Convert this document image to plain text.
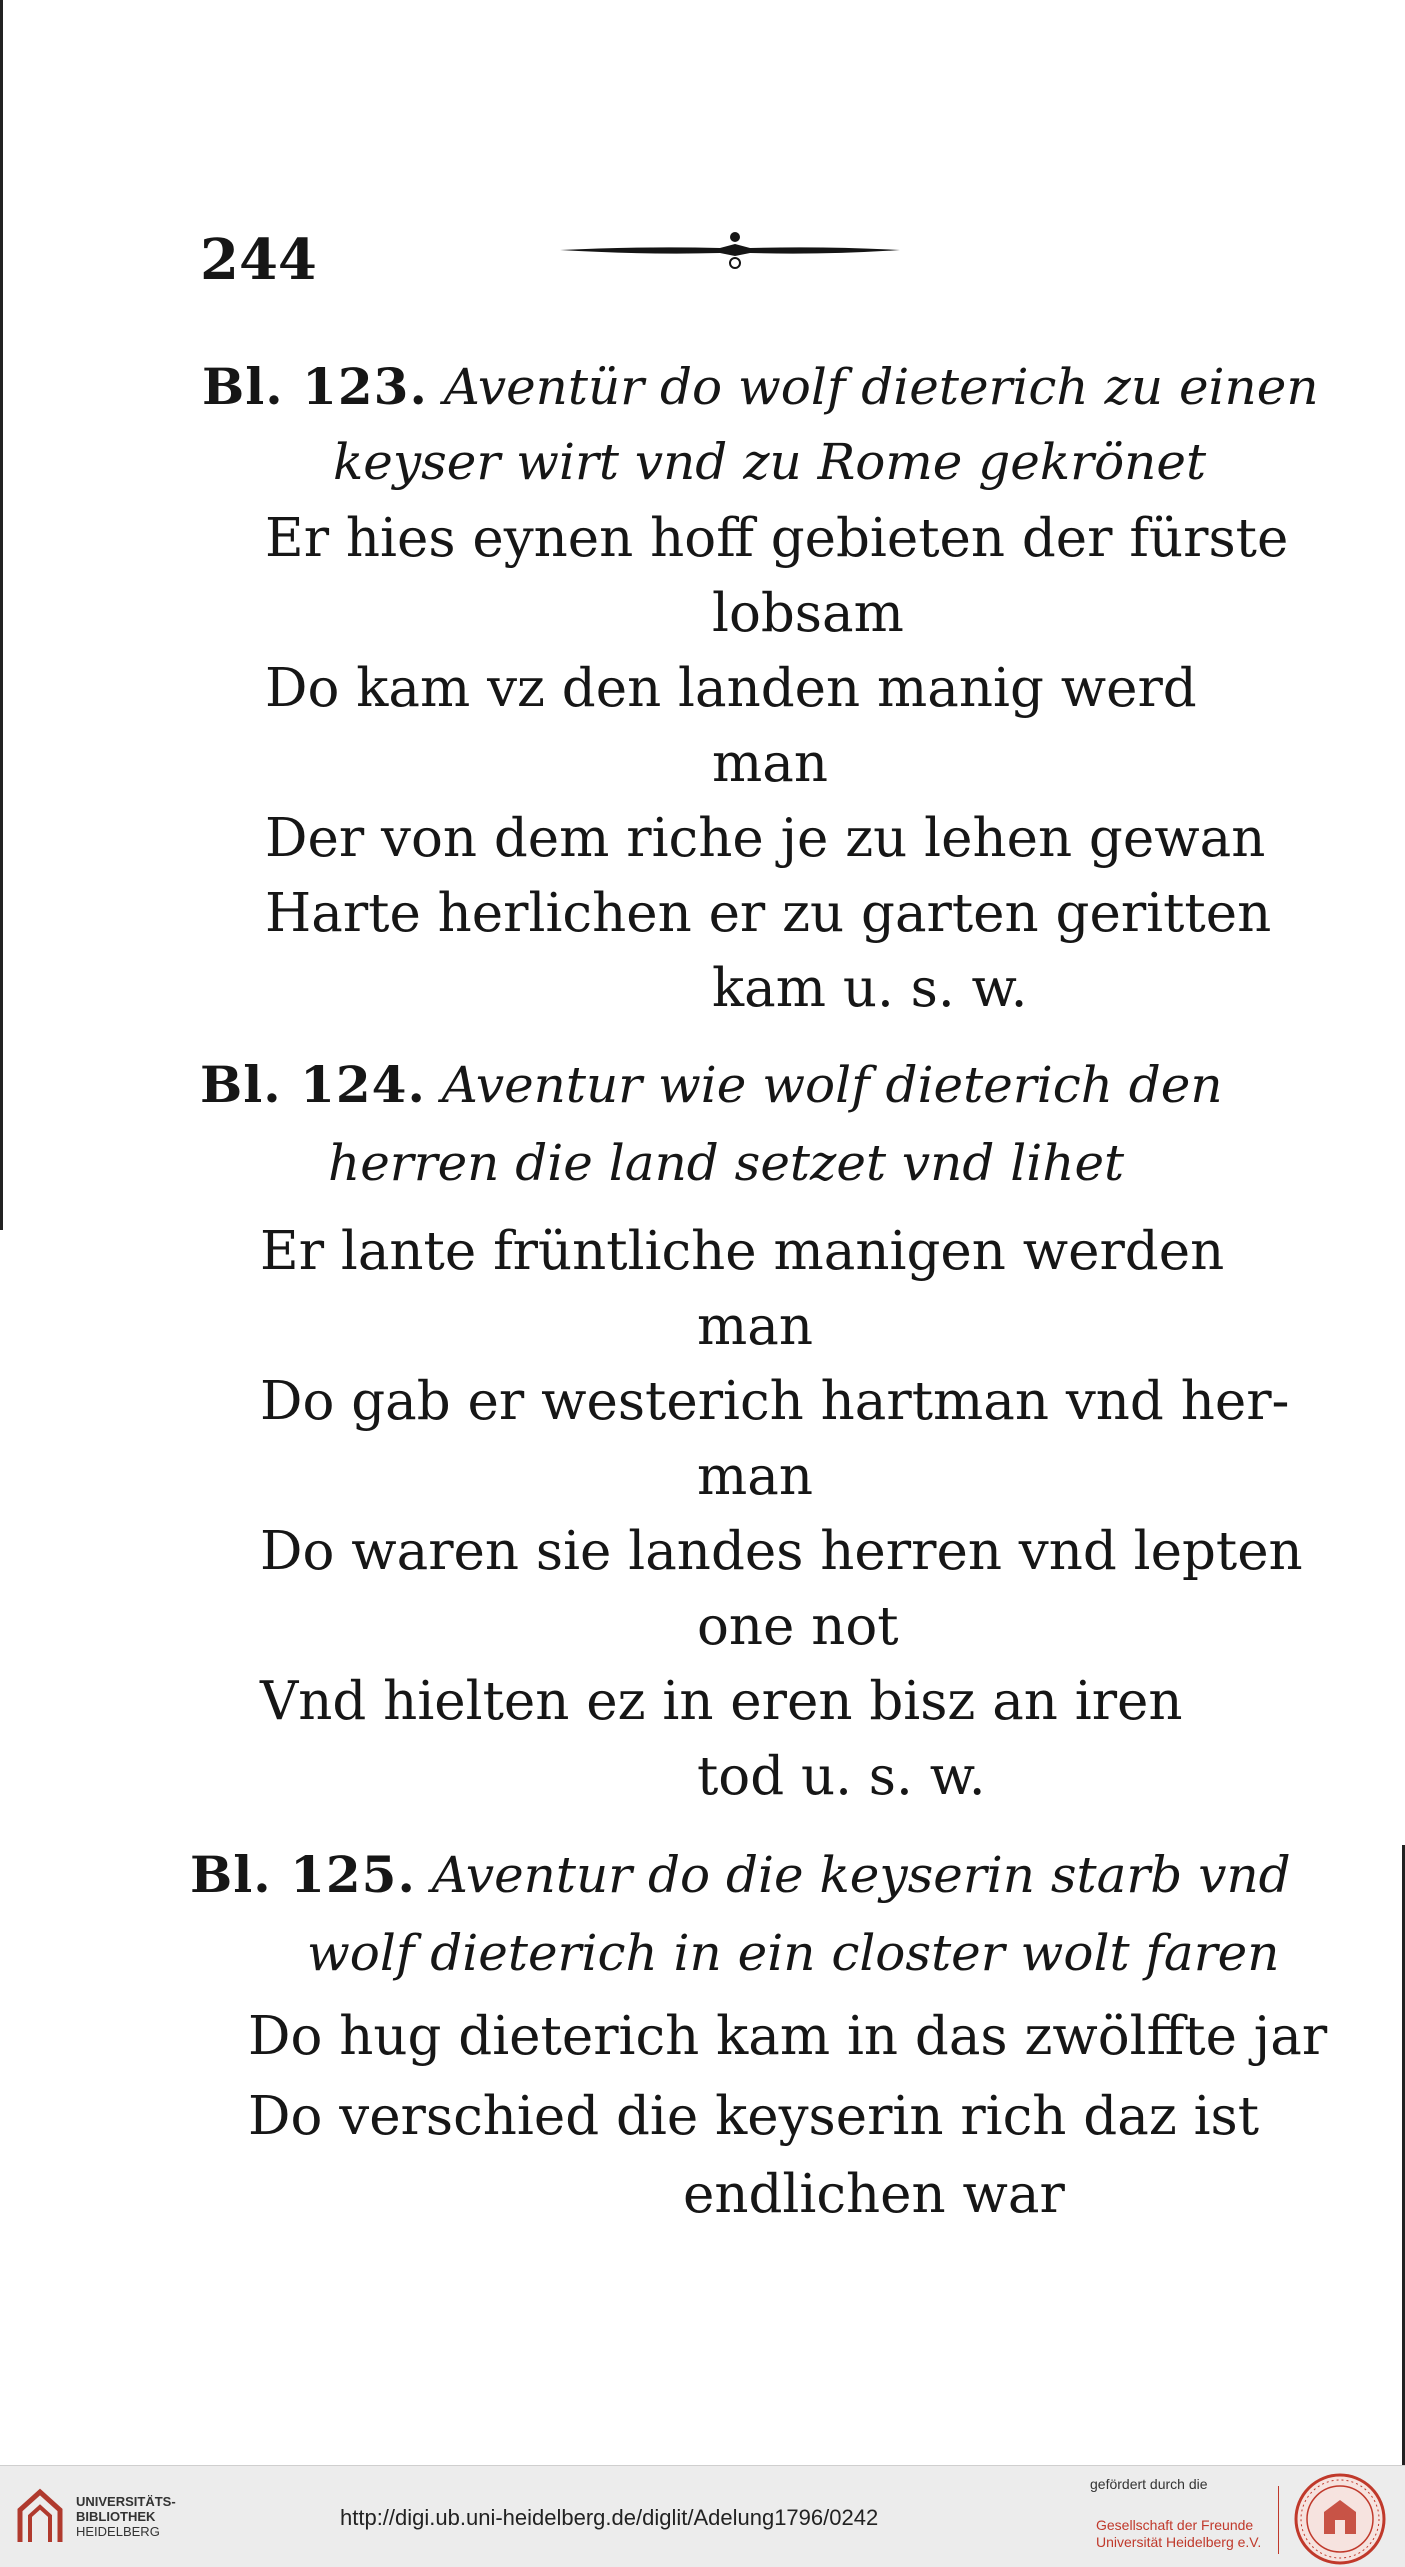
244
Bl. 123. Aventür do wolf dieterich zu einen
keyser wirt vnd zu Rome gekrönet
Er hies eynen hoff gebieten der fürste
lobsam
Do kam vz den landen manig werd
man
Der von dem riche je zu lehen gewan
Harte herlichen er zu garten geritten
kam u. s. w.
Bl. 124. Aventur wie wolf dieterich den
herren die land setzet vnd lihet
Er lante früntliche manigen werden
man
Do gab er westerich hartman vnd her-
man
Do waren sie landes herren vnd lepten
one not
Vnd hielten ez in eren bisz an iren
tod u. s. w.
Bl. 125. Aventur do die keyserin starb vnd
wolf dieterich in ein closter wolt faren
Do hug dieterich kam in das zwölffte jar
Do verschied die keyserin rich daz ist
endlichen war
UNIVERSITÄTS-
BIBLIOTHEK
HEIDELBERG
http://digi.ub.uni-heidelberg.de/diglit/Adelung1796/0242
gefördert durch die
Gesellschaft der Freunde
Universität Heidelberg e.V.
